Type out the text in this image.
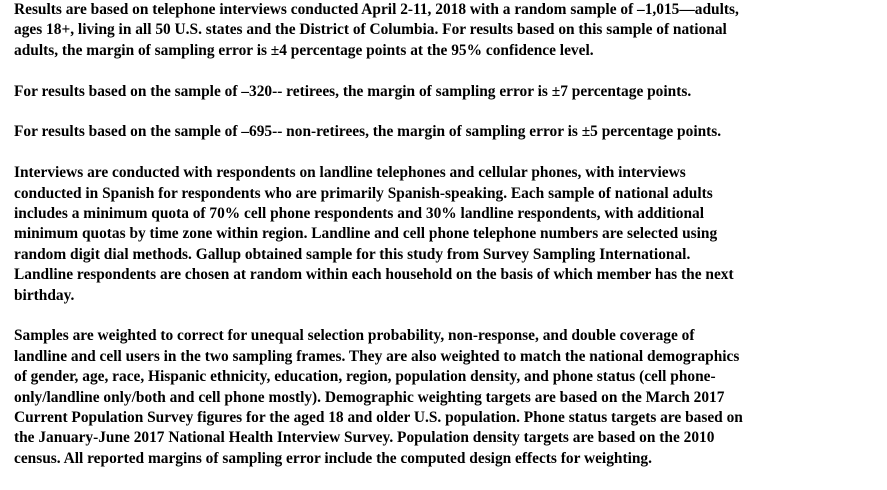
Results are based on telephone interviews conducted April 2-11, 2018 with a random sample of –1,015—adults,
ages 18+, living in all 50 U.S. states and the District of Columbia. For results based on this sample of national
adults, the margin of sampling error is ±4 percentage points at the 95% confidence level.

For results based on the sample of –320-- retirees, the margin of sampling error is ±7 percentage points.

For results based on the sample of –695-- non-retirees, the margin of sampling error is ±5 percentage points.

Interviews are conducted with respondents on landline telephones and cellular phones, with interviews
conducted in Spanish for respondents who are primarily Spanish-speaking. Each sample of national adults
includes a minimum quota of 70% cell phone respondents and 30% landline respondents, with additional
minimum quotas by time zone within region. Landline and cell phone telephone numbers are selected using
random digit dial methods. Gallup obtained sample for this study from Survey Sampling International.
Landline respondents are chosen at random within each household on the basis of which member has the next
birthday.

Samples are weighted to correct for unequal selection probability, non-response, and double coverage of
landline and cell users in the two sampling frames. They are also weighted to match the national demographics
of gender, age, race, Hispanic ethnicity, education, region, population density, and phone status (cell phone-
only/landline only/both and cell phone mostly). Demographic weighting targets are based on the March 2017
Current Population Survey figures for the aged 18 and older U.S. population. Phone status targets are based on
the January-June 2017 National Health Interview Survey. Population density targets are based on the 2010
census. All reported margins of sampling error include the computed design effects for weighting.
